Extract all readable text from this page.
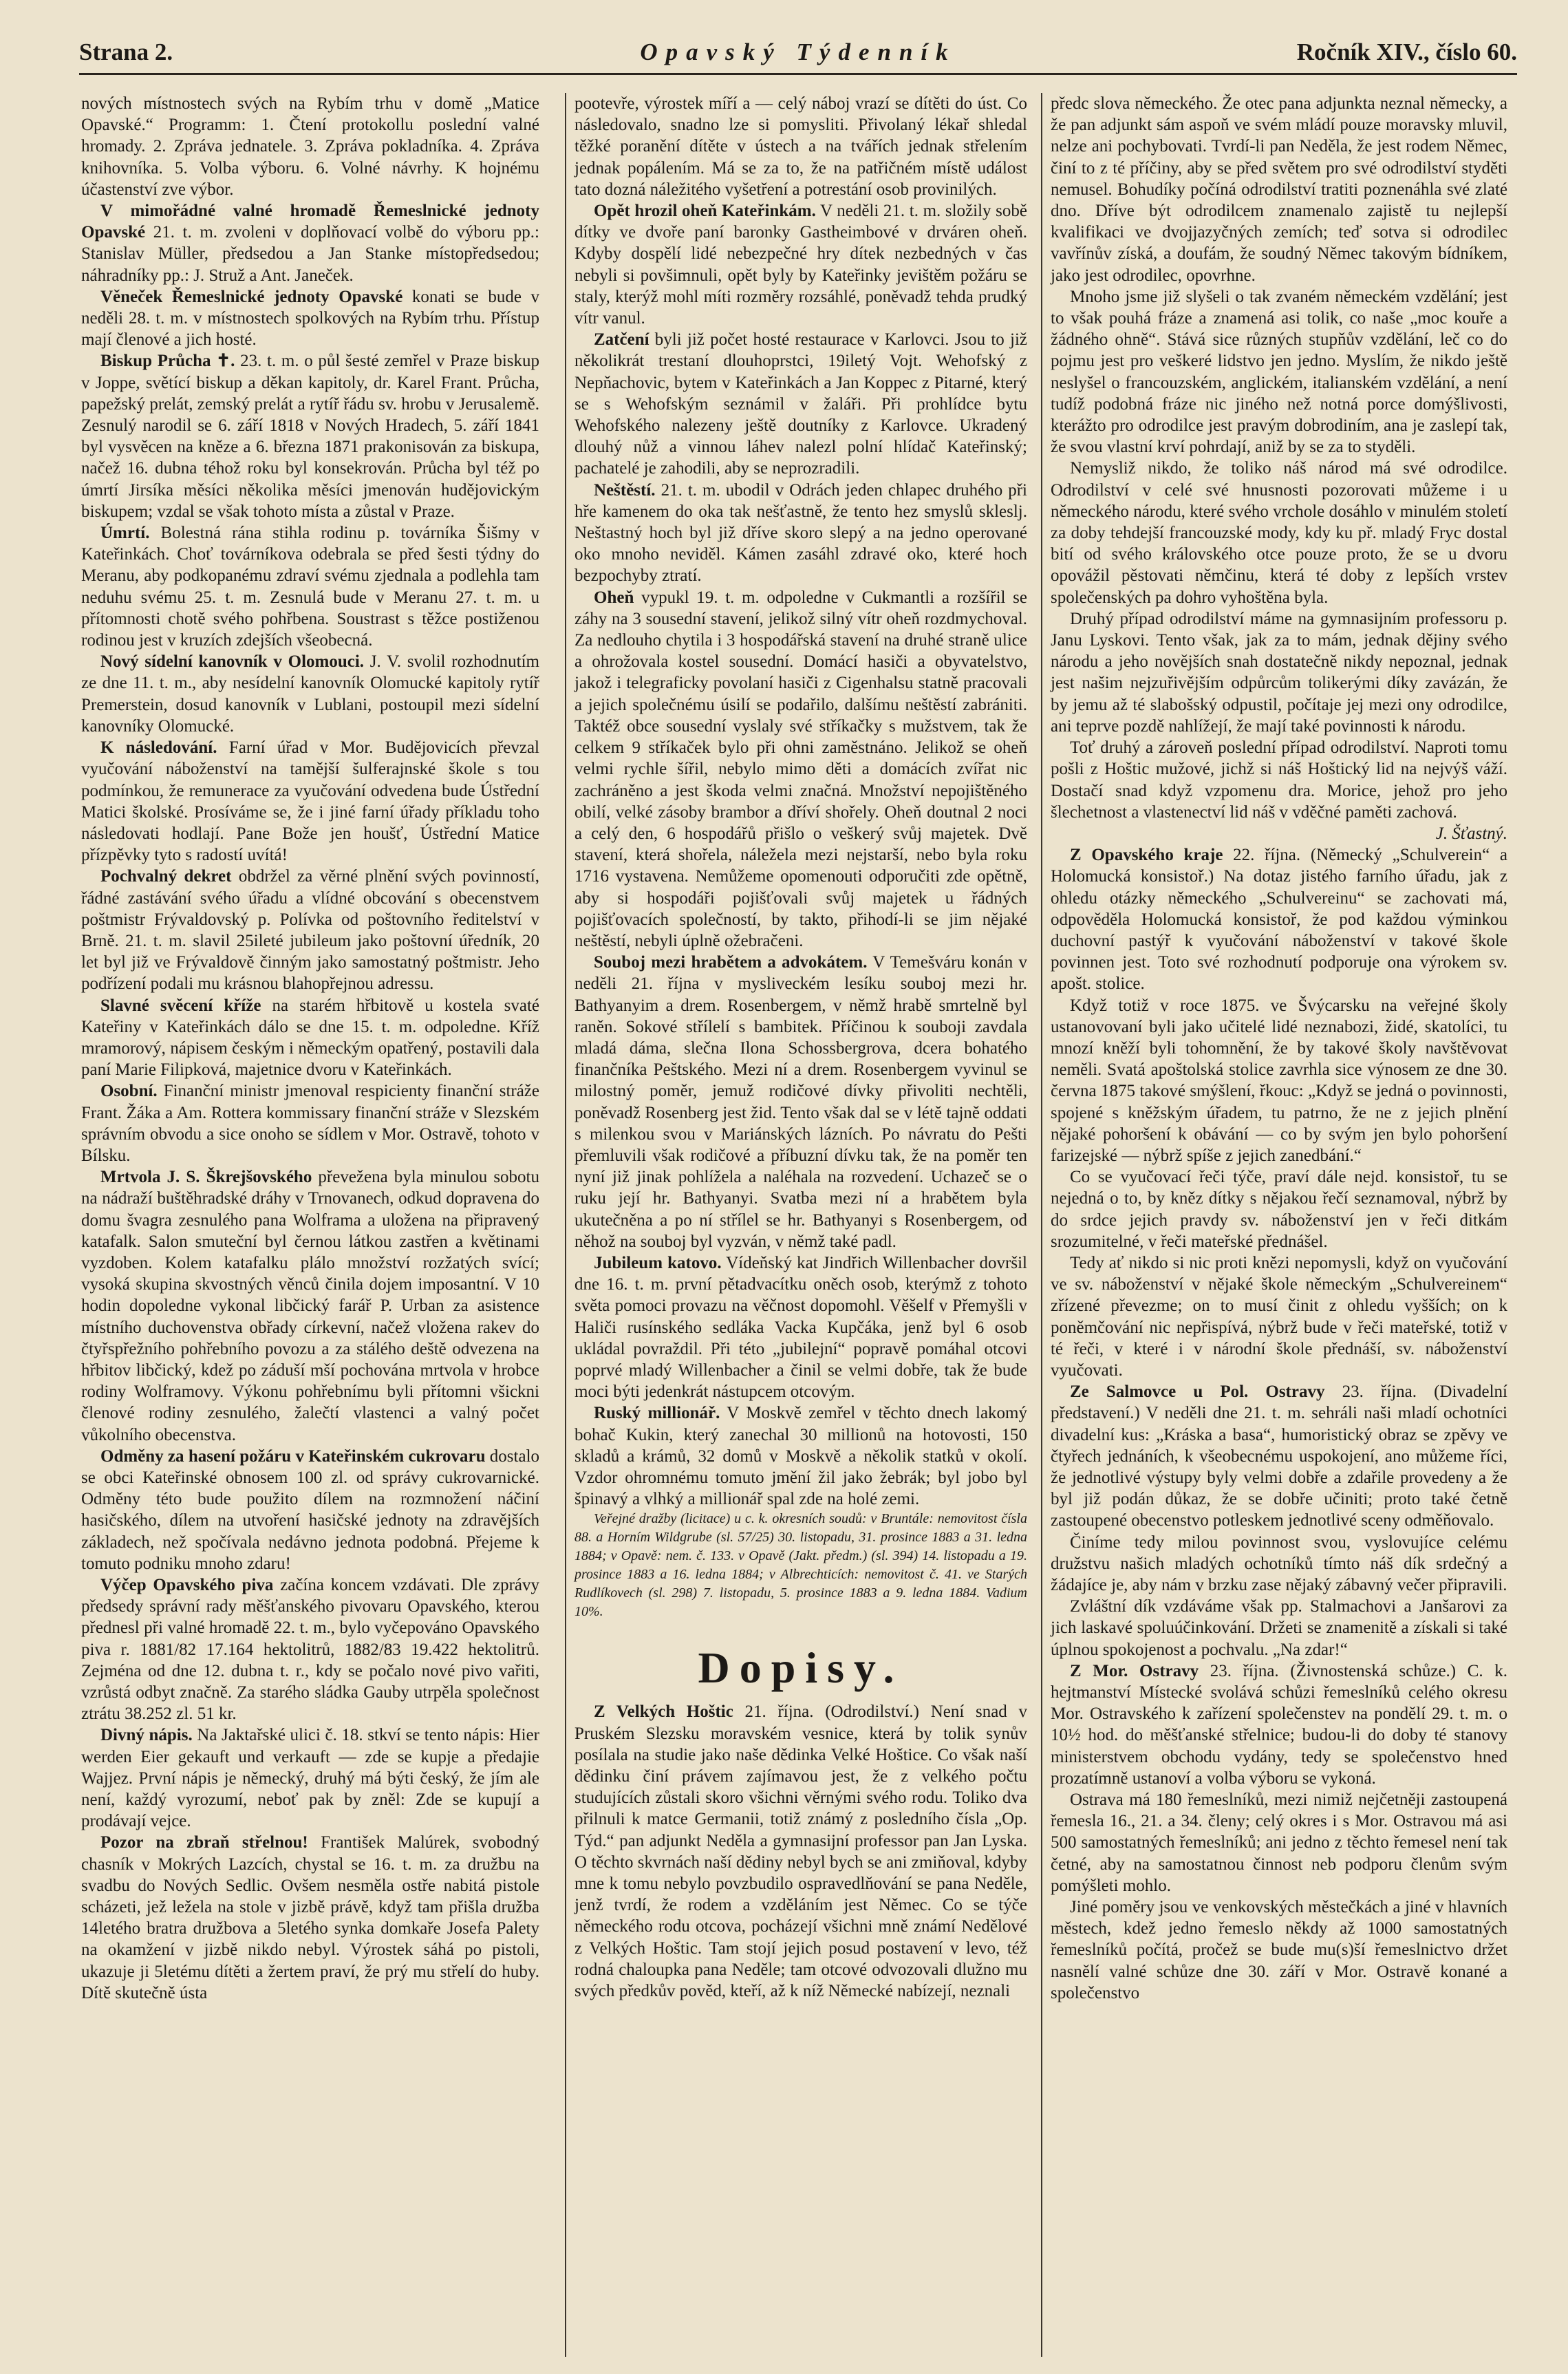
Strana 2.	Opavský Týdenník	Ročník XIV., číslo 60.

nových místnostech svých na Rybím trhu v domě „Matice Opavské.“ Programm: 1. Čtení protokollu poslední valné hromady. 2. Zpráva jednatele. 3. Zpráva pokladníka. 4. Zpráva knihovníka. 5. Volba výboru. 6. Volné návrhy. K hojnému účastenství zve výbor.

V mimořádné valné hromadě Řemeslnické jednoty Opavské 21. t. m. zvoleni v doplňovací volbě do výboru pp.: Stanislav Müller, předsedou a Jan Stanke místopředsedou; náhradníky pp.: J. Struž a Ant. Janeček.

Věneček Řemeslnické jednoty Opavské konati se bude v neděli 28. t. m. v místnostech spolkových na Rybím trhu. Přístup mají členové a jich hosté.

Biskup Průcha ✝. 23. t. m. o půl šesté zemřel v Praze biskup v Joppe, světící biskup a děkan kapitoly, dr. Karel Frant. Průcha, papežský prelát, zemský prelát a rytíř řádu sv. hrobu v Jerusalemě. Zesnulý narodil se 6. září 1818 v Nových Hradech, 5. září 1841 byl vysvěcen na kněze a 6. března 1871 prakonisován za biskupa, načež 16. dubna téhož roku byl konsekrován. Průcha byl též po úmrtí Jirsíka měsíci několika měsíci jmenován hudějovickým biskupem; vzdal se však tohoto místa a zůstal v Praze.

Úmrtí. Bolestná rána stihla rodinu p. továrníka Šišmy v Kateřinkách. Choť továrníkova odebrala se před šesti týdny do Meranu, aby podkopanému zdraví svému zjednala a podlehla tam neduhu svému 25. t. m. Zesnulá bude v Meranu 27. t. m. u přítomnosti chotě svého pohřbena. Soustrast s těžce postiženou rodinou jest v kruzích zdejších všeobecná.

Nový sídelní kanovník v Olomouci. J. V. svolil rozhodnutím ze dne 11. t. m., aby nesídelní kanovník Olomucké kapitoly rytíř Premerstein, dosud kanovník v Lublani, postoupil mezi sídelní kanovníky Olomucké.

K následování. Farní úřad v Mor. Budějovicích převzal vyučování náboženství na tamější šulferajnské škole s tou podmínkou, že remunerace za vyučování odvedena bude Ústřední Matici školské. Prosíváme se, že i jiné farní úřady příkladu toho následovati hodlají. Pane Bože jen houšť, Ústřední Matice přízpěvky tyto s radostí uvítá!

Pochvalný dekret obdržel za věrné plnění svých povinností, řádné zastávání svého úřadu a vlídné obcování s obecenstvem poštmistr Frývaldovský p. Polívka od poštovního ředitelství v Brně. 21. t. m. slavil 25ileté jubileum jako poštovní úředník, 20 let byl již ve Frývaldově činným jako samostatný poštmistr. Jeho podřízení podali mu krásnou blahopřejnou adressu.

Slavné svěcení kříže na starém hřbitově u kostela svaté Kateřiny v Kateřinkách dálo se dne 15. t. m. odpoledne. Kříž mramorový, nápisem českým i německým opatřený, postavili dala paní Marie Filipková, majetnice dvoru v Kateřinkách.

Osobní. Finanční ministr jmenoval respicienty finanční stráže Frant. Žáka a Am. Rottera kommissary finanční stráže v Slezském správním obvodu a sice onoho se sídlem v Mor. Ostravě, tohoto v Bílsku.

Mrtvola J. S. Škrejšovského převežena byla minulou sobotu na nádraží buštěhradské dráhy v Trnovanech, odkud dopravena do domu švagra zesnulého pana Wolframa a uložena na připravený katafalk. Salon smuteční byl černou látkou zastřen a květinami vyzdoben. Kolem katafalku plálo množství rozžatých svící; vysoká skupina skvostných věnců činila dojem imposantní. V 10 hodin dopoledne vykonal libčický farář P. Urban za asistence místního duchovenstva obřady církevní, načež vložena rakev do čtyřspřežního pohřebního povozu a za stálého deště odvezena na hřbitov libčický, kdež po záduší mší pochována mrtvola v hrobce rodiny Wolframovy. Výkonu pohřebnímu byli přítomni všickni členové rodiny zesnulého, žalečtí vlastenci a valný počet vůkolního obecenstva.

Odměny za hasení požáru v Kateřinském cukrovaru dostalo se obci Kateřinské obnosem 100 zl. od správy cukrovarnické. Odměny této bude použito dílem na rozmnožení náčiní hasičského, dílem na utvoření hasičské jednoty na zdravějších základech, než spočívala nedávno jednota podobná. Přejeme k tomuto podniku mnoho zdaru!

Výčep Opavského piva začína koncem vzdávati. Dle zprávy předsedy správní rady měšťanského pivovaru Opavského, kterou přednesl při valné hromadě 22. t. m., bylo vyčepováno Opavského piva r. 1881/82 17.164 hektolitrů, 1882/83 19.422 hektolitrů. Zejména od dne 12. dubna t. r., kdy se počalo nové pivo vařiti, vzrůstá odbyt značně. Za starého sládka Gauby utrpěla společnost ztrátu 38.252 zl. 51 kr.

Divný nápis. Na Jaktařské ulici č. 18. stkví se tento nápis: Hier werden Eier gekauft und verkauft — zde se kupje a předajie Wajjez. První nápis je německý, druhý má býti český, že jím ale není, každý vyrozumí, neboť pak by zněl: Zde se kupují a prodávají vejce.

Pozor na zbraň střelnou! František Malúrek, svobodný chasník v Mokrých Lazcích, chystal se 16. t. m. za družbu na svadbu do Nových Sedlic. Ovšem nesměla ostře nabitá pistole scházeti, jež ležela na stole v jizbě právě, když tam přišla družba 14letého bratra družbova a 5letého synka domkaře Josefa Palety na okamžení v jizbě nikdo nebyl. Výrostek sáhá po pistoli, ukazuje ji 5letému dítěti a žertem praví, že prý mu střelí do huby. Dítě skutečně ústa

pootevře, výrostek míří a — celý náboj vrazí se dítěti do úst. Co následovalo, snadno lze si pomysliti. Přivolaný lékař shledal těžké poranění dítěte v ústech a na tvářích jednak střelením jednak popálením. Má se za to, že na patřičném místě událost tato dozná náležitého vyšetření a potrestání osob provinilých.

Opět hrozil oheň Kateřinkám. V neděli 21. t. m. složily sobě dítky ve dvoře paní baronky Gastheimbové v drváren oheň. Kdyby dospělí lidé nebezpečné hry dítek nezbedných v čas nebyli si povšimnuli, opět byly by Kateřinky jevištěm požáru se staly, kterýž mohl míti rozměry rozsáhlé, poněvadž tehda prudký vítr vanul.

Zatčení byli již počet hosté restaurace v Karlovci. Jsou to již několikrát trestaní dlouhoprstci, 19iletý Vojt. Wehofský z Nepňachovic, bytem v Kateřinkách a Jan Koppec z Pitarné, který se s Wehofským seznámil v žaláři. Při prohlídce bytu Wehofského nalezeny ještě doutníky z Karlovce. Ukradený dlouhý nůž a vinnou láhev nalezl polní hlídač Kateřinský; pachatelé je zahodili, aby se neprozradili.

Neštěstí. 21. t. m. ubodil v Odrách jeden chlapec druhého při hře kamenem do oka tak nešťastně, že tento hez smyslů skleslj. Neštastný hoch byl již dříve skoro slepý a na jedno operované oko mnoho neviděl. Kámen zasáhl zdravé oko, které hoch bezpochyby ztratí.

Oheň vypukl 19. t. m. odpoledne v Cukmantli a rozšířil se záhy na 3 sousední stavení, jelikož silný vítr oheň rozdmychoval. Za nedlouho chytila i 3 hospodářská stavení na druhé straně ulice a ohrožovala kostel sousední. Domácí hasiči a obyvatelstvo, jakož i telegraficky povolaní hasiči z Cigenhalsu statně pracovali a jejich společnému úsilí se podařilo, dalšímu neštěstí zabrániti. Taktéž obce sousední vyslaly své stříkačky s mužstvem, tak že celkem 9 stříkaček bylo při ohni zaměstnáno. Jelikož se oheň velmi rychle šířil, nebylo mimo děti a domácích zvířat nic zachráněno a jest škoda velmi značná. Množství nepojištěného obilí, velké zásoby brambor a dříví shořely. Oheň doutnal 2 noci a celý den, 6 hospodářů přišlo o veškerý svůj majetek. Dvě stavení, která shořela, náležela mezi nejstarší, nebo byla roku 1716 vystavena. Nemůžeme opomenouti odporučiti zde opětně, aby si hospodáři pojišťovali svůj majetek u řádných pojišťovacích společností, by takto, přihodí-li se jim nějaké neštěstí, nebyli úplně ožebračeni.

Souboj mezi hrabětem a advokátem. V Temešváru konán v neděli 21. října v mysliveckém lesíku souboj mezi hr. Bathyanyim a drem. Rosenbergem, v němž hrabě smrtelně byl raněn. Sokové střílelí s bambitek. Příčinou k souboji zavdala mladá dáma, slečna Ilona Schossbergrova, dcera bohatého finančníka Peštského. Mezi ní a drem. Rosenbergem vyvinul se milostný poměr, jemuž rodičové dívky přivoliti nechtěli, poněvadž Rosenberg jest žid. Tento však dal se v létě tajně oddati s milenkou svou v Mariánských lázních. Po návratu do Pešti přemluvili však rodičové a příbuzní dívku tak, že na poměr ten nyní již jinak pohlížela a naléhala na rozvedení. Uchazeč se o ruku její hr. Bathyanyi. Svatba mezi ní a hrabětem byla ukutečněna a po ní střílel se hr. Bathyanyi s Rosenbergem, od něhož na souboj byl vyzván, v němž také padl.

Jubileum katovo. Vídeňský kat Jindřich Willenbacher dovršil dne 16. t. m. první pětadvacítku oněch osob, kterýmž z tohoto světa pomoci provazu na věčnost dopomohl. Věšelf v Přemyšli v Haliči rusínského sedláka Vacka Kupčáka, jenž byl 6 osob ukládal povraždil. Při této „jubilejní“ popravě pomáhal otcovi poprvé mladý Willenbacher a činil se velmi dobře, tak že bude moci býti jedenkrát nástupcem otcovým.

Ruský millionář. V Moskvě zemřel v těchto dnech lakomý bohač Kukin, který zanechal 30 millionů na hotovosti, 150 skladů a krámů, 32 domů v Moskvě a několik statků v okolí. Vzdor ohromnému tomuto jmění žil jako žebrák; byl jobo byl špinavý a vlhký a millionář spal zde na holé zemi.

Veřejné dražby (licitace) u c. k. okresních soudů: v Bruntále: nemovitost čísla 88. a Horním Wildgrube (sl. 57/25) 30. listopadu, 31. prosince 1883 a 31. ledna 1884; v Opavě: nem. č. 133. v Opavě (Jakt. předm.) (sl. 394) 14. listopadu a 19. prosince 1883 a 16. ledna 1884; v Albrechticích: nemovitost č. 41. ve Starých Rudlíkovech (sl. 298) 7. listopadu, 5. prosince 1883 a 9. ledna 1884. Vadium 10%.

Dopisy.

Z Velkých Hoštic 21. října. (Odrodilství.) Není snad v Pruském Slezsku moravském vesnice, která by tolik synův posílala na studie jako naše dědinka Velké Hoštice. Co však naší dědinku činí právem zajímavou jest, že z velkého počtu studujících zůstali skoro všichni věrnými svého rodu. Toliko dva přilnuli k matce Germanii, totiž známý z posledního čísla „Op. Týd.“ pan adjunkt Neděla a gymnasijní professor pan Jan Lyska. O těchto skvrnách naší dědiny nebyl bych se ani zmiňoval, kdyby mne k tomu nebylo povzbudilo ospravedlňování se pana Neděle, jenž tvrdí, že rodem a vzděláním jest Němec. Co se týče německého rodu otcova, pocházejí všichni mně známí Nedělové z Velkých Hoštic. Tam stojí jejich posud postavení v levo, též rodná chaloupka pana Neděle; tam otcové odvozovali dlužno mu svých předkův pověd, kteří, až k níž Německé nabízejí, neznali

předc slova německého. Že otec pana adjunkta neznal německy, a že pan adjunkt sám aspoň ve svém mládí pouze moravsky mluvil, nelze ani pochybovati. Tvrdí-li pan Neděla, že jest rodem Němec, činí to z té příčiny, aby se před světem pro své odrodilství styděti nemusel. Bohudíky počíná odrodilství tratiti poznenáhla své zlaté dno. Dříve být odrodilcem znamenalo zajistě tu nejlepší kvalifikaci ve dvojjazyčných zemích; teď sotva si odrodilec vavřínův získá, a doufám, že soudný Němec takovým bídníkem, jako jest odrodilec, opovrhne.

Mnoho jsme již slyšeli o tak zvaném německém vzdělání; jest to však pouhá fráze a znamená asi tolik, co naše „moc kouře a žádného ohně“. Stává sice různých stupňův vzdělání, leč co do pojmu jest pro veškeré lidstvo jen jedno. Myslím, že nikdo ještě neslyšel o francouzském, anglickém, italianském vzdělání, a není tudíž podobná fráze nic jiného než notná porce domýšlivosti, kterážto pro odrodilce jest pravým dobrodiním, ana je zaslepí tak, že svou vlastní krví pohrdají, aniž by se za to styděli.

Nemysliž nikdo, že toliko náš národ má své odrodilce. Odrodilství v celé své hnusnosti pozorovati můžeme i u německého národu, které svého vrchole dosáhlo v minulém století za doby tehdejší francouzské mody, kdy ku př. mladý Fryc dostal bití od svého královského otce pouze proto, že se u dvoru opovážil pěstovati němčinu, která té doby z lepších vrstev společenských pa dohro vyhoštěna byla.

Druhý případ odrodilství máme na gymnasijním professoru p. Janu Lyskovi. Tento však, jak za to mám, jednak dějiny svého národu a jeho novějších snah dostatečně nikdy nepoznal, jednak jest našim nejzuřivějším odpůrcům tolikerými díky zavázán, že by jemu až té slabošský odpustil, počítaje jej mezi ony odrodilce, ani teprve pozdě nahlížejí, že mají také povinnosti k národu.

Toť druhý a zároveň poslední případ odrodilství. Naproti tomu pošli z Hoštic mužové, jichž si náš Hoštický lid na nejvýš váží. Dostačí snad když vzpomenu dra. Morice, jehož pro jeho šlechetnost a vlastenectví lid náš v vděčné paměti zachová.

J. Šťastný.

Z Opavského kraje 22. října. (Německý „Schulverein“ a Holomucká konsistoř.) Na dotaz jistého farního úřadu, jak z ohledu otázky německého „Schulvereinu“ se zachovati má, odpověděla Holomucká konsistoř, že pod každou výminkou duchovní pastýř k vyučování náboženství v takové škole povinnen jest. Toto své rozhodnutí podporuje ona výrokem sv. apošt. stolice.

Když totiž v roce 1875. ve Švýcarsku na veřejné školy ustanovovaní byli jako učitelé lidé neznabozi, židé, skatolíci, tu mnozí kněží byli tohomnění, že by takové školy navštěvovat neměli. Svatá apoštolská stolice zavrhla sice výnosem ze dne 30. června 1875 takové smýšlení, řkouc: „Když se jedná o povinnosti, spojené s kněžským úřadem, tu patrno, že ne z jejich plnění nějaké pohoršení k obávání — co by svým jen bylo pohoršení farizejské — nýbrž spíše z jejich zanedbání.“

Co se vyučovací řeči týče, praví dále nejd. konsistoř, tu se nejedná o to, by kněz dítky s nějakou řečí seznamoval, nýbrž by do srdce jejich pravdy sv. náboženství jen v řeči ditkám srozumitelné, v řeči mateřské přednášel.

Tedy ať nikdo si nic proti knězi nepomysli, když on vyučování ve sv. náboženství v nějaké škole německým „Schulvereinem“ zřízené převezme; on to musí činit z ohledu vyšších; on k poněmčování nic nepřispívá, nýbrž bude v řeči mateřské, totiž v té řeči, v které i v národní škole přednáší, sv. náboženství vyučovati.

Ze Salmovce u Pol. Ostravy 23. října. (Divadelní představení.) V neděli dne 21. t. m. sehráli naši mladí ochotníci divadelní kus: „Kráska a basa“, humoristický obraz se zpěvy ve čtyřech jednáních, k všeobecnému uspokojení, ano můžeme říci, že jednotlivé výstupy byly velmi dobře a zdařile provedeny a že byl již podán důkaz, že se dobře učiniti; proto také četně zastoupené obecenstvo potleskem jednotlivé sceny odměňovalo.

Činíme tedy milou povinnost svou, vyslovujíce celému družstvu našich mladých ochotníků tímto náš dík srdečný a žádajíce je, aby nám v brzku zase nějaký zábavný večer připravili.

Zvláštní dík vzdáváme však pp. Stalmachovi a Janšarovi za jich laskavé spoluúčinkování. Držeti se znamenitě a získali si také úplnou spokojenost a pochvalu. „Na zdar!“

Z Mor. Ostravy 23. října. (Živnostenská schůze.) C. k. hejtmanství Místecké svolává schůzi řemeslníků celého okresu Mor. Ostravského k zařízení společenstev na pondělí 29. t. m. o 10½ hod. do měšťanské střelnice; budou-li do doby té stanovy ministerstvem obchodu vydány, tedy se společenstvo hned prozatímně ustanoví a volba výboru se vykoná.

Ostrava má 180 řemeslníků, mezi nimiž nejčetněji zastoupená řemesla 16., 21. a 34. členy; celý okres i s Mor. Ostravou má asi 500 samostatných řemeslníků; ani jedno z těchto řemesel není tak četné, aby na samostatnou činnost neb podporu členům svým pomýšleti mohlo.

Jiné poměry jsou ve venkovských městečkách a jiné v hlavních městech, kdež jedno řemeslo někdy až 1000 samostatných řemeslníků počítá, pročež se bude mu(s)ší řemeslnictvo držet nasnělí valné schůze dne 30. září v Mor. Ostravě konané a společenstvo
